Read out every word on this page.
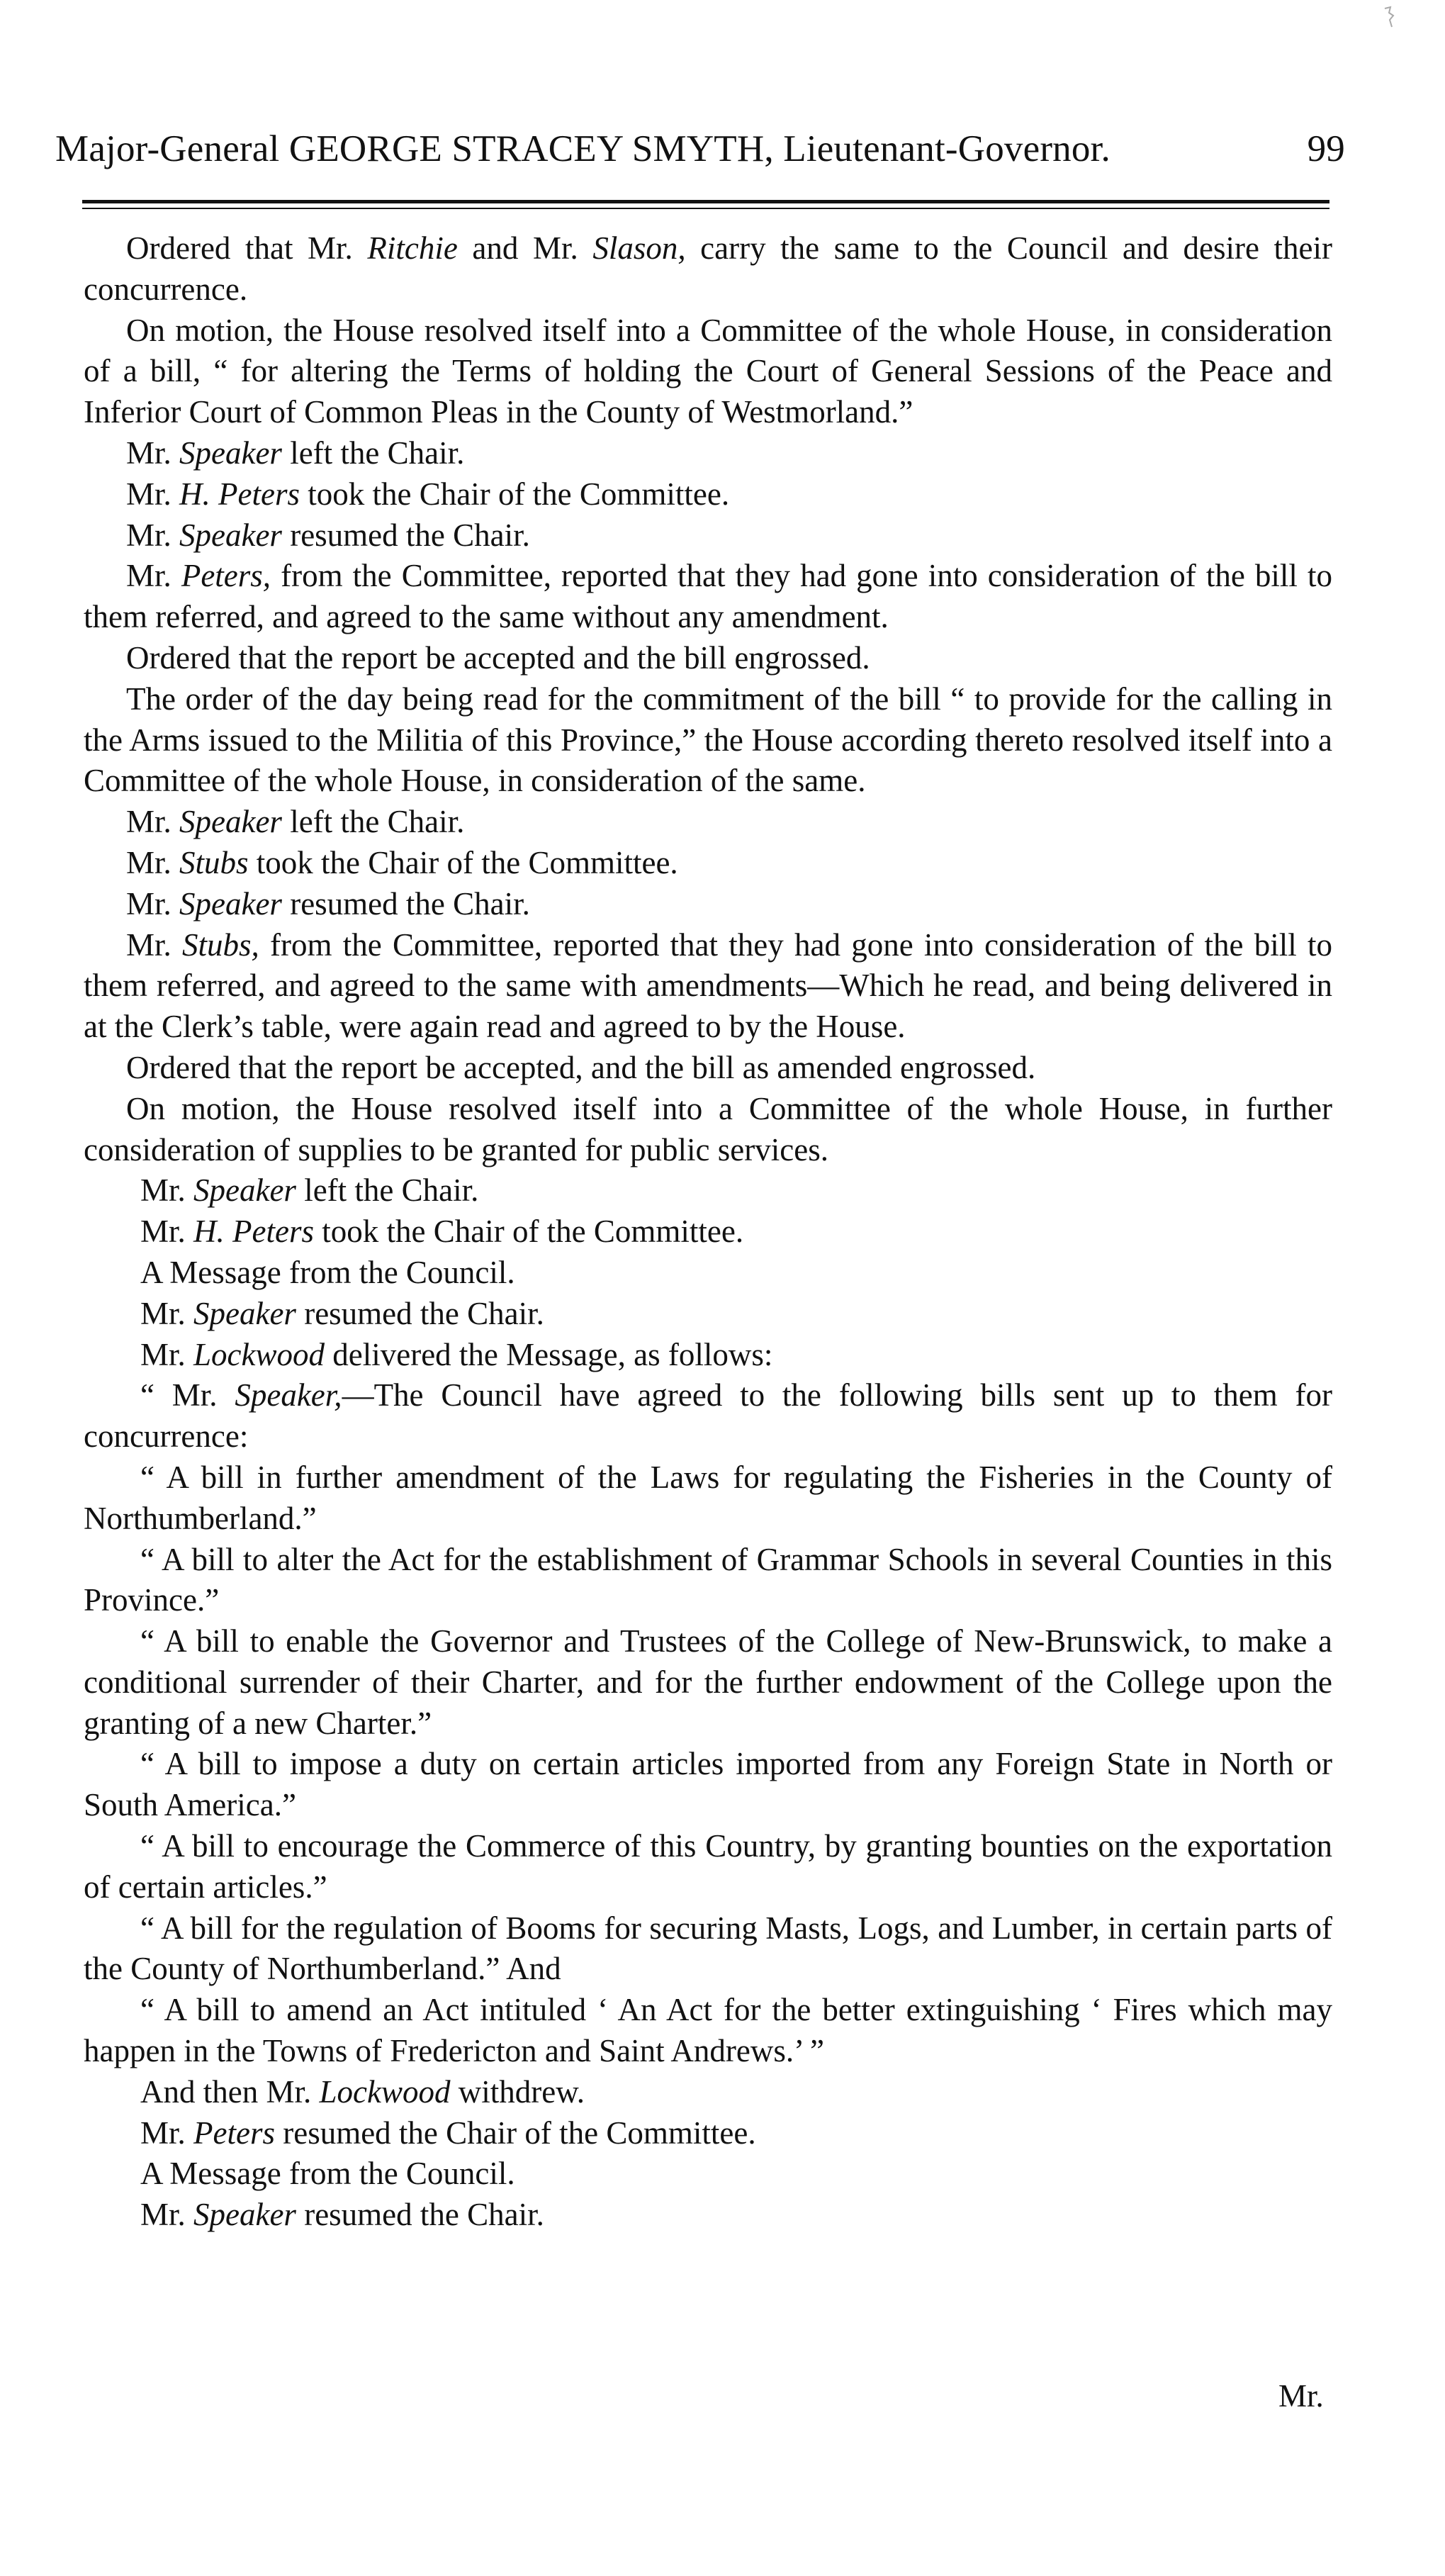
Major-General GEORGE STRACEY SMYTH, Lieutenant-Governor.	99

Ordered that Mr. Ritchie and Mr. Slason, carry the same to the Council and desire their concurrence.

On motion, the House resolved itself into a Committee of the whole House, in consideration of a bill, “ for altering the Terms of holding the Court of General Sessions of the Peace and Inferior Court of Common Pleas in the County of Westmorland.”

Mr. Speaker left the Chair.

Mr. H. Peters took the Chair of the Committee.

Mr. Speaker resumed the Chair.

Mr. Peters, from the Committee, reported that they had gone into consideration of the bill to them referred, and agreed to the same without any amendment.

Ordered that the report be accepted and the bill engrossed.

The order of the day being read for the commitment of the bill “ to provide for the calling in the Arms issued to the Militia of this Province,” the House according thereto resolved itself into a Committee of the whole House, in consideration of the same.

Mr. Speaker left the Chair.

Mr. Stubs took the Chair of the Committee.

Mr. Speaker resumed the Chair.

Mr. Stubs, from the Committee, reported that they had gone into consideration of the bill to them referred, and agreed to the same with amendments—Which he read, and being delivered in at the Clerk’s table, were again read and agreed to by the House.

Ordered that the report be accepted, and the bill as amended engrossed.

On motion, the House resolved itself into a Committee of the whole House, in further consideration of supplies to be granted for public services.

Mr. Speaker left the Chair.

Mr. H. Peters took the Chair of the Committee.

A Message from the Council.

Mr. Speaker resumed the Chair.

Mr. Lockwood delivered the Message, as follows:

“ Mr. Speaker,—The Council have agreed to the following bills sent up to them for concurrence:

“ A bill in further amendment of the Laws for regulating the Fisheries in the County of Northumberland.”

“ A bill to alter the Act for the establishment of Grammar Schools in several Counties in this Province.”

“ A bill to enable the Governor and Trustees of the College of New-Brunswick, to make a conditional surrender of their Charter, and for the further endowment of the College upon the granting of a new Charter.”

“ A bill to impose a duty on certain articles imported from any Foreign State in North or South America.”

“ A bill to encourage the Commerce of this Country, by granting bounties on the exportation of certain articles.”

“ A bill for the regulation of Booms for securing Masts, Logs, and Lumber, in certain parts of the County of Northumberland.” And

“ A bill to amend an Act intituled ‘ An Act for the better extinguishing ‘ Fires which may happen in the Towns of Fredericton and Saint Andrews.’ ”

And then Mr. Lockwood withdrew.

Mr. Peters resumed the Chair of the Committee.

A Message from the Council.

Mr. Speaker resumed the Chair.

Mr.
